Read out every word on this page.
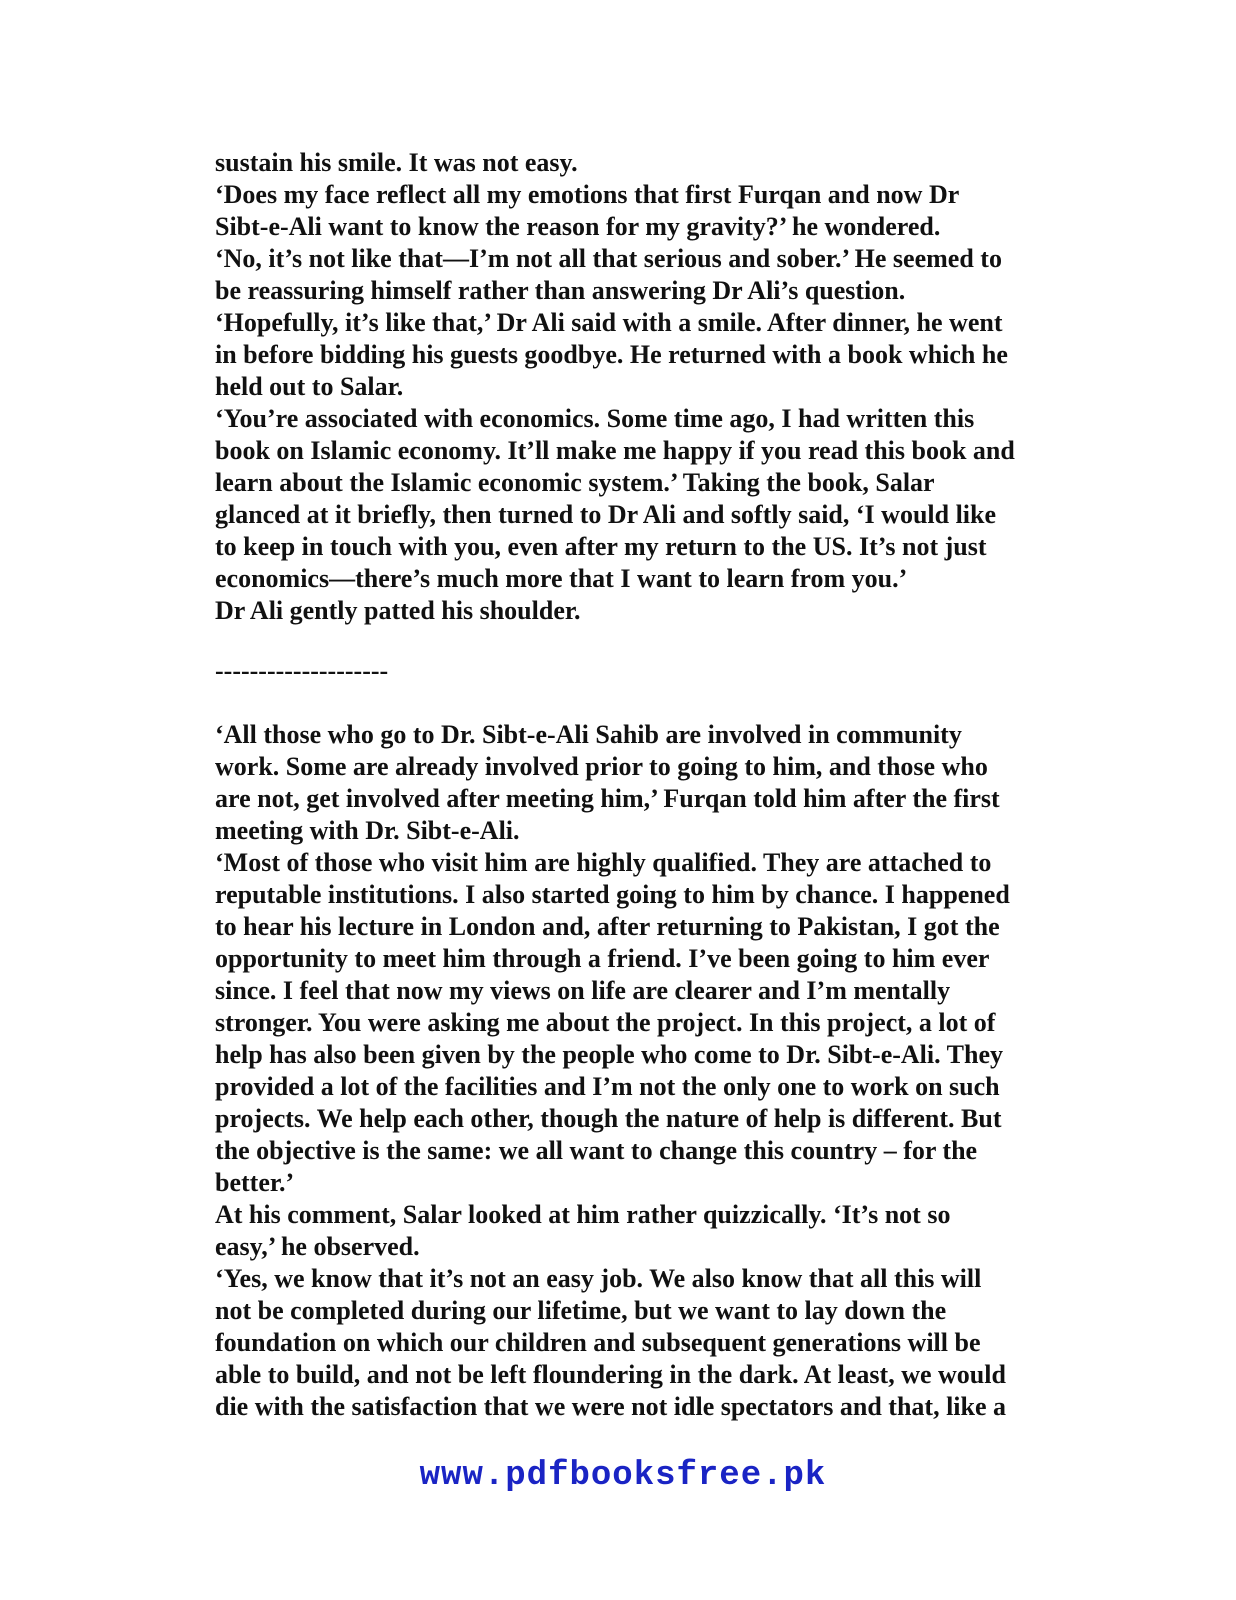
sustain his smile. It was not easy.
‘Does my face reflect all my emotions that first Furqan and now Dr
Sibt-e-Ali want to know the reason for my gravity?’ he wondered.
‘No, it’s not like that—I’m not all that serious and sober.’ He seemed to
be reassuring himself rather than answering Dr Ali’s question.
‘Hopefully, it’s like that,’ Dr Ali said with a smile. After dinner, he went
in before bidding his guests goodbye. He returned with a book which he
held out to Salar.
‘You’re associated with economics. Some time ago, I had written this
book on Islamic economy. It’ll make me happy if you read this book and
learn about the Islamic economic system.’ Taking the book, Salar
glanced at it briefly, then turned to Dr Ali and softly said, ‘I would like
to keep in touch with you, even after my return to the US. It’s not just
economics—there’s much more that I want to learn from you.’
Dr Ali gently patted his shoulder.
--------------------
‘All those who go to Dr. Sibt-e-Ali Sahib are involved in community
work. Some are already involved prior to going to him, and those who
are not, get involved after meeting him,’ Furqan told him after the first
meeting with Dr. Sibt-e-Ali.
‘Most of those who visit him are highly qualified. They are attached to
reputable institutions. I also started going to him by chance. I happened
to hear his lecture in London and, after returning to Pakistan, I got the
opportunity to meet him through a friend. I’ve been going to him ever
since. I feel that now my views on life are clearer and I’m mentally
stronger. You were asking me about the project. In this project, a lot of
help has also been given by the people who come to Dr. Sibt-e-Ali. They
provided a lot of the facilities and I’m not the only one to work on such
projects. We help each other, though the nature of help is different. But
the objective is the same: we all want to change this country – for the
better.’
At his comment, Salar looked at him rather quizzically. ‘It’s not so
easy,’ he observed.
‘Yes, we know that it’s not an easy job. We also know that all this will
not be completed during our lifetime, but we want to lay down the
foundation on which our children and subsequent generations will be
able to build, and not be left floundering in the dark. At least, we would
die with the satisfaction that we were not idle spectators and that, like a
www.pdfbooksfree.pk
